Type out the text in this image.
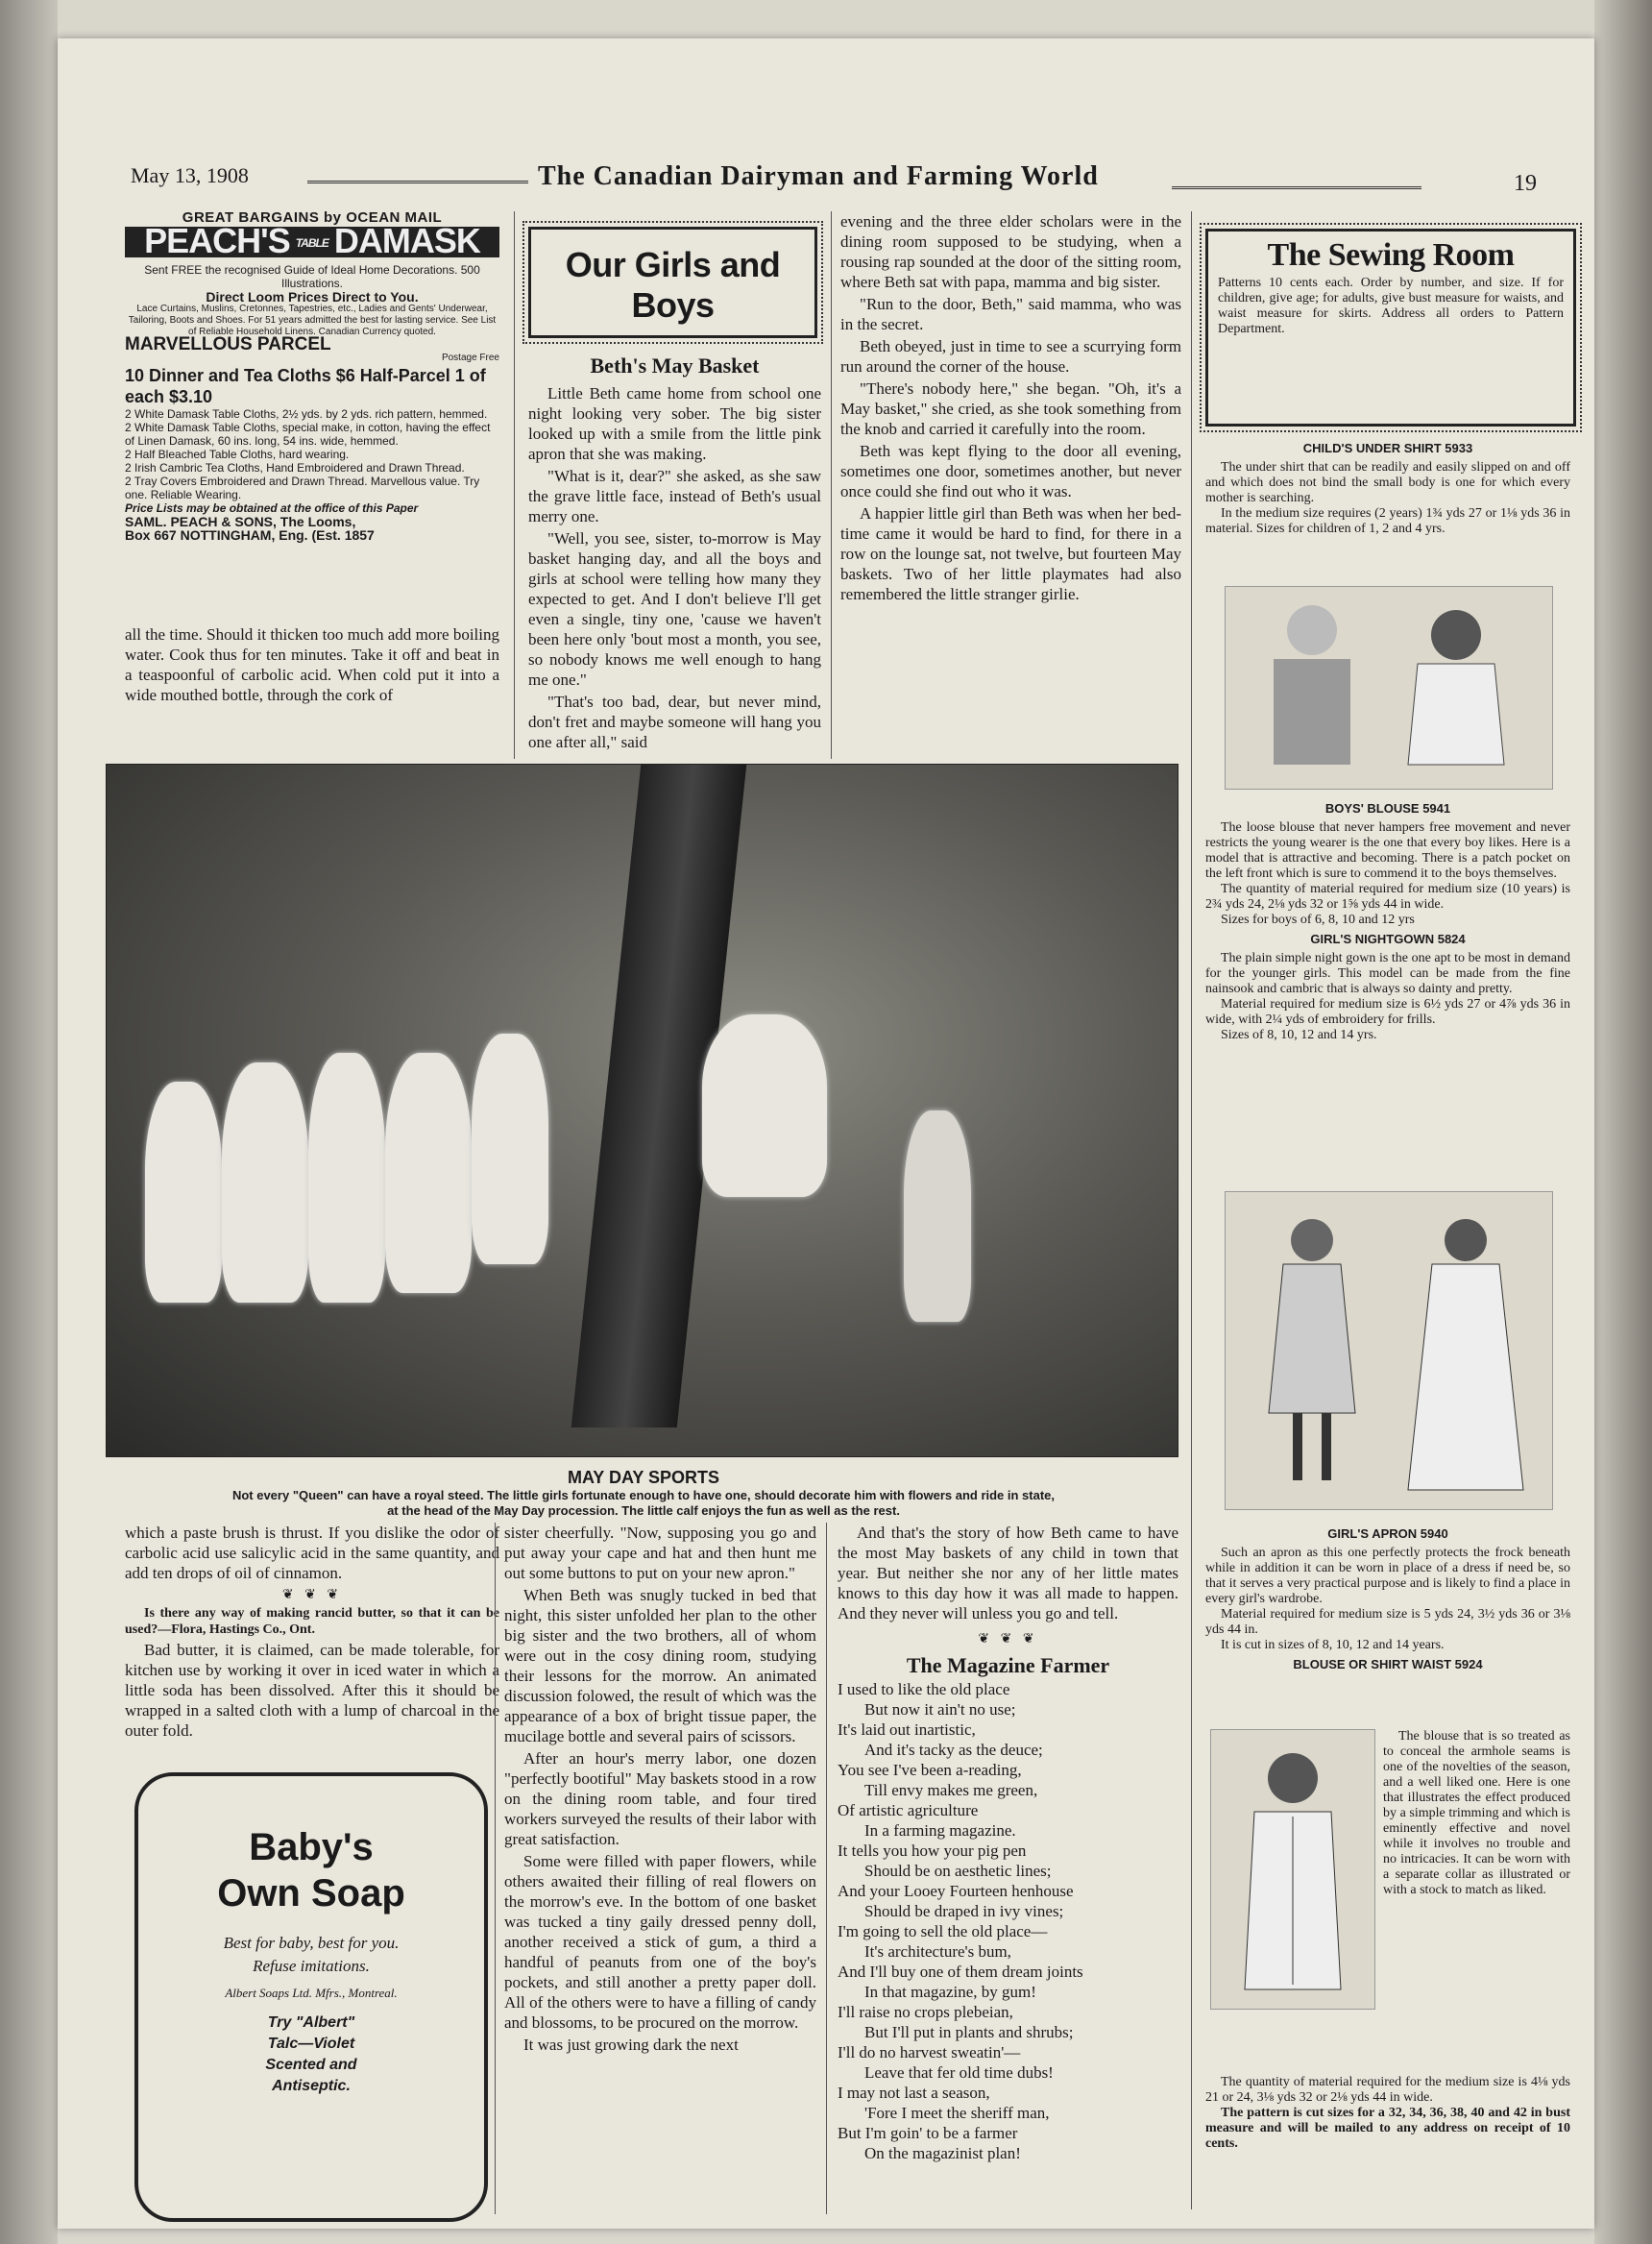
May 13, 1908	The Canadian Dairyman and Farming World	19
GREAT BARGAINS by OCEAN MAIL
PEACH'S TABLE DAMASK
Sent FREE the recognised Guide of Ideal Home Decorations. 500 Illustrations.
Direct Loom Prices Direct to You.
Lace Curtains, Muslins, Cretonnes, Tapestries, etc., Ladies and Gents' Underwear, Tailoring, Boots and Shoes. For 51 years admitted the best for lasting service. See List of Reliable Household Linens. Canadian Currency quoted.
MARVELLOUS PARCEL
Postage Free
10 Dinner and Tea Cloths $6 Half-Parcel 1 of each $3.10
2 White Damask Table Cloths, 2½ yds. by 2 yds. rich pattern, hemmed.
2 White Damask Table Cloths, special make, in cotton, having the effect of Linen Damask, 60 ins. long, 54 ins. wide, hemmed.
2 Half Bleached Table Cloths, hard wearing.
2 Irish Cambric Tea Cloths, Hand Embroidered and Drawn Thread.
2 Tray Covers Embroidered and Drawn Thread. Marvellous value. Try one. Reliable Wearing.
Price Lists may be obtained at the office of this Paper
SAML. PEACH & SONS, The Looms,
Box 667 NOTTINGHAM, Eng. (Est. 1857

all the time. Should it thicken too much add more boiling water. Cook thus for ten minutes. Take it off and beat in a teaspoonful of carbolic acid. When cold put it into a wide mouthed bottle, through the cork of

Our Girls and Boys
Beth's May Basket

Little Beth came home from school one night looking very sober. The big sister looked up with a smile from the little pink apron that she was making.

"What is it, dear?" she asked, as she saw the grave little face, instead of Beth's usual merry one.

"Well, you see, sister, to-morrow is May basket hanging day, and all the boys and girls at school were telling how many they expected to get. And I don't believe I'll get even a single, tiny one, 'cause we haven't been here only 'bout most a month, you see, so nobody knows me well enough to hang me one."

"That's too bad, dear, but never mind, don't fret and maybe someone will hang you one after all," said

evening and the three elder scholars were in the dining room supposed to be studying, when a rousing rap sounded at the door of the sitting room, where Beth sat with papa, mamma and big sister.

"Run to the door, Beth," said mamma, who was in the secret.

Beth obeyed, just in time to see a scurrying form run around the corner of the house.

"There's nobody here," she began. "Oh, it's a May basket," she cried, as she took something from the knob and carried it carefully into the room.

Beth was kept flying to the door all evening, sometimes one door, sometimes another, but never once could she find out who it was.

A happier little girl than Beth was when her bed-time came it would be hard to find, for there in a row on the lounge sat, not twelve, but fourteen May baskets. Two of her little playmates had also remembered the little stranger girlie.

MAY DAY SPORTS
Not every "Queen" can have a royal steed. The little girls fortunate enough to have one, should decorate him with flowers and ride in state,
at the head of the May Day procession. The little calf enjoys the fun as well as the rest.

which a paste brush is thrust. If you dislike the odor of carbolic acid use salicylic acid in the same quantity, and add ten drops of oil of cinnamon.

❦ ❦ ❦

Is there any way of making rancid butter, so that it can be used?—Flora, Hastings Co., Ont.

Bad butter, it is claimed, can be made tolerable, for kitchen use by working it over in iced water in which a little soda has been dissolved. After this it should be wrapped in a salted cloth with a lump of charcoal in the outer fold.

Baby's
Own Soap
Best for baby, best for you.
Refuse imitations.
Albert Soaps Ltd. Mfrs., Montreal.
Try "Albert"
Talc—Violet
Scented and
Antiseptic.

sister cheerfully. "Now, supposing you go and put away your cape and hat and then hunt me out some buttons to put on your new apron."

When Beth was snugly tucked in bed that night, this sister unfolded her plan to the other big sister and the two brothers, all of whom were out in the cosy dining room, studying their lessons for the morrow. An animated discussion folowed, the result of which was the appearance of a box of bright tissue paper, the mucilage bottle and several pairs of scissors.

After an hour's merry labor, one dozen "perfectly bootiful" May baskets stood in a row on the dining room table, and four tired workers surveyed the results of their labor with great satisfaction.

Some were filled with paper flowers, while others awaited their filling of real flowers on the morrow's eve. In the bottom of one basket was tucked a tiny gaily dressed penny doll, another received a stick of gum, a third a handful of peanuts from one of the boy's pockets, and still another a pretty paper doll. All of the others were to have a filling of candy and blossoms, to be procured on the morrow.

It was just growing dark the next

And that's the story of how Beth came to have the most May baskets of any child in town that year. But neither she nor any of her little mates knows to this day how it was all made to happen. And they never will unless you go and tell.

❦ ❦ ❦
The Magazine Farmer
I used to like the old place
But now it ain't no use;
It's laid out inartistic,
And it's tacky as the deuce;
You see I've been a-reading,
Till envy makes me green,
Of artistic agriculture
In a farming magazine.
It tells you how your pig pen
Should be on aesthetic lines;
And your Looey Fourteen henhouse
Should be draped in ivy vines;
I'm going to sell the old place—
It's architecture's bum,
And I'll buy one of them dream joints
In that magazine, by gum!
I'll raise no crops plebeian,
But I'll put in plants and shrubs;
I'll do no harvest sweatin'—
Leave that fer old time dubs!
I may not last a season,
'Fore I meet the sheriff man,
But I'm goin' to be a farmer
On the magazinist plan!
The Sewing Room
Patterns 10 cents each. Order by number, and size. If for children, give age; for adults, give bust measure for waists, and waist measure for skirts. Address all orders to Pattern Department.
CHILD'S UNDER SHIRT 5933

The under shirt that can be readily and easily slipped on and off and which does not bind the small body is one for which every mother is searching.

In the medium size requires (2 years) 1¾ yds 27 or 1⅛ yds 36 in material. Sizes for children of 1, 2 and 4 yrs.

BOYS' BLOUSE 5941

The loose blouse that never hampers free movement and never restricts the young wearer is the one that every boy likes. Here is a model that is attractive and becoming. There is a patch pocket on the left front which is sure to commend it to the boys themselves.

The quantity of material required for medium size (10 years) is 2¾ yds 24, 2⅛ yds 32 or 1⅝ yds 44 in wide.

Sizes for boys of 6, 8, 10 and 12 yrs

GIRL'S NIGHTGOWN 5824

The plain simple night gown is the one apt to be most in demand for the younger girls. This model can be made from the fine nainsook and cambric that is always so dainty and pretty.

Material required for medium size is 6½ yds 27 or 4⅞ yds 36 in wide, with 2¼ yds of embroidery for frills.

Sizes of 8, 10, 12 and 14 yrs.

GIRL'S APRON 5940

Such an apron as this one perfectly protects the frock beneath while in addition it can be worn in place of a dress if need be, so that it serves a very practical purpose and is likely to find a place in every girl's wardrobe.

Material required for medium size is 5 yds 24, 3½ yds 36 or 3⅛ yds 44 in.

It is cut in sizes of 8, 10, 12 and 14 years.

BLOUSE OR SHIRT WAIST 5924

The blouse that is so treated as to conceal the armhole seams is one of the novelties of the season, and a well liked one. Here is one that illustrates the effect produced by a simple trimming and which is eminently effective and novel while it involves no trouble and no intricacies. It can be worn with a separate collar as illustrated or with a stock to match as liked.

The quantity of material required for the medium size is 4⅛ yds 21 or 24, 3⅛ yds 32 or 2⅛ yds 44 in wide.

The pattern is cut sizes for a 32, 34, 36, 38, 40 and 42 in bust measure and will be mailed to any address on receipt of 10 cents.
